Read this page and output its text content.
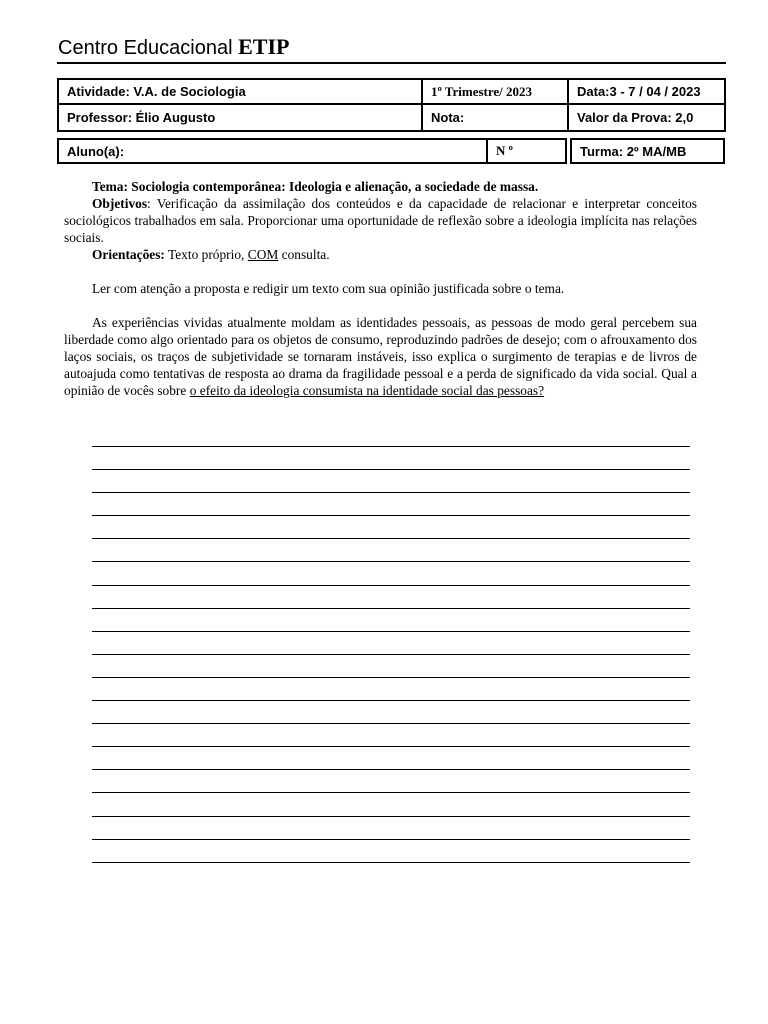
Centro Educacional ETIP
Atividade: V.A. de Sociologia	1º Trimestre/ 2023	Data:3 - 7 / 04 / 2023
Professor: Élio Augusto	Nota:	Valor da Prova: 2,0
Aluno(a):	N º	Turma: 2º MA/MB

Tema: Sociologia contemporânea: Ideologia e alienação, a sociedade de massa.

Objetivos: Verificação da assimilação dos conteúdos e da capacidade de relacionar e interpretar conceitos sociológicos trabalhados em sala. Proporcionar uma oportunidade de reflexão sobre a ideologia implícita nas relações sociais.

Orientações: Texto próprio, COM consulta.

Ler com atenção a proposta e redigir um texto com sua opinião justificada sobre o tema.

As experiências vividas atualmente moldam as identidades pessoais, as pessoas de modo geral percebem sua liberdade como algo orientado para os objetos de consumo, reproduzindo padrões de desejo; com o afrouxamento dos laços sociais, os traços de subjetividade se tornaram instáveis, isso explica o surgimento de terapias e de livros de autoajuda como tentativas de resposta ao drama da fragilidade pessoal e a perda de significado da vida social. Qual a opinião de vocês sobre o efeito da ideologia consumista na identidade social das pessoas?
